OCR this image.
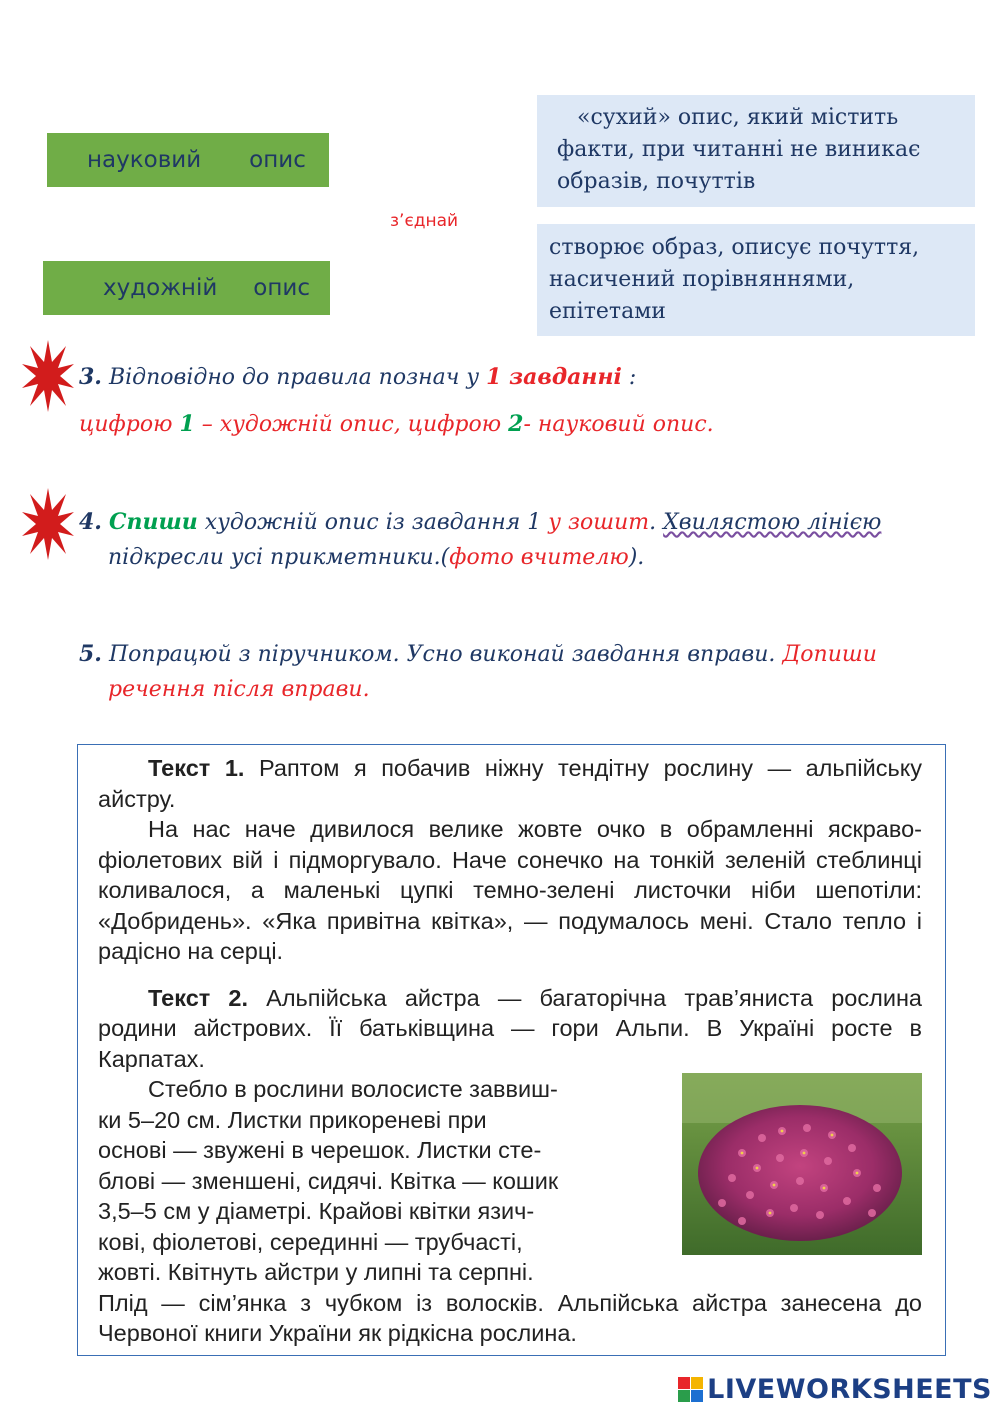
науковий опис
художній опис
з’єднай
«сухий» опис, який містить
факти, при читанні не виникає
образів, почуттів
створює образ, описує почуття,
насичений порівняннями,
епітетами
3. Відповідно до правила познач у 1 завданні :
цифрою 1 – художній опис, цифрою 2- науковий опис.
4. Спиши художній опис із завдання 1 у зошит. Хвилястою лінією
підкресли усі прикметники.(фото вчителю).
5. Попрацюй з піручником. Усно виконай завдання вправи. Допиши
речення після вправи.

Текст 1. Раптом я побачив ніжну тендітну рослину — альпійську айстру.

На нас наче дивилося велике жовте очко в обрамленні яскраво-фіолетових вій і підморгувало. Наче сонечко на тонкій зеленій стеблинці коливалося, а маленькі цупкі темно-зелені листочки ніби шепотіли: «Добридень». «Яка привітна квітка», — подумалось мені. Стало тепло і радісно на серці.

Текст 2. Альпійська айстра — багаторічна трав’яниста рослина родини айстрових. Її батьківщина — гори Альпи. В Україні росте в Карпатах.

Стебло в рослини волосисте заввиш-
ки 5–20 см. Листки прикореневі при
основі — звужені в черешок. Листки сте-
блові — зменшені, сидячі. Квітка — кошик
3,5–5 см у діаметрі. Крайові квітки язич-
кові, фіолетові, серединні — трубчасті,
жовті. Квітнуть айстри у липні та серпні.

Плід — сім’янка з чубком із волосків. Альпійська айстра занесена до Червоної книги України як рідкісна рослина.

LIVEWORKSHEETS
